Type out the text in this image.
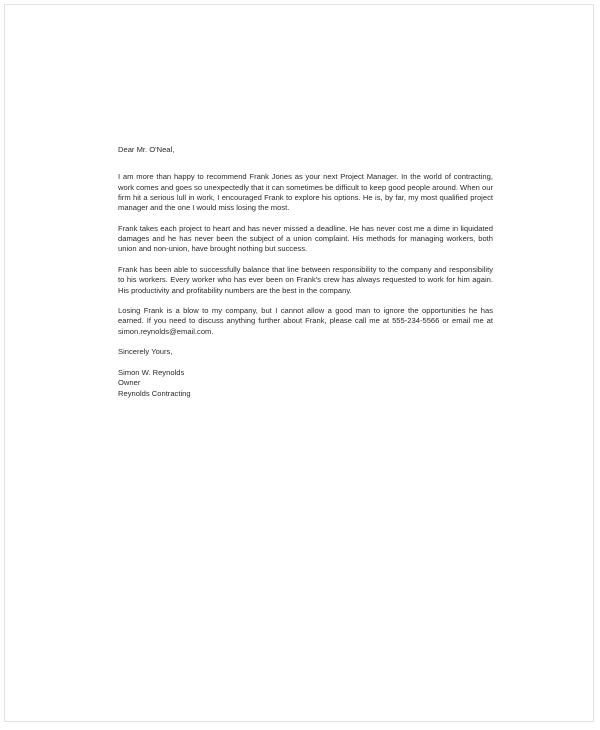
Dear Mr. O'Neal,

I am more than happy to recommend Frank Jones as your next Project Manager. In the world of contracting, work comes and goes so unexpectedly that it can sometimes be difficult to keep good people around. When our firm hit a serious lull in work, I encouraged Frank to explore his options. He is, by far, my most qualified project manager and the one I would miss losing the most.

Frank takes each project to heart and has never missed a deadline. He has never cost me a dime in liquidated damages and he has never been the subject of a union complaint. His methods for managing workers, both union and non-union, have brought nothing but success.

Frank has been able to successfully balance that line between responsibility to the company and responsibility to his workers. Every worker who has ever been on Frank's crew has always requested to work for him again. His productivity and profitability numbers are the best in the company.

Losing Frank is a blow to my company, but I cannot allow a good man to ignore the opportunities he has earned. If you need to discuss anything further about Frank, please call me at 555-234-5566 or email me at simon.reynolds@email.com.

Sincerely Yours,

Simon W. Reynolds
Owner
Reynolds Contracting
